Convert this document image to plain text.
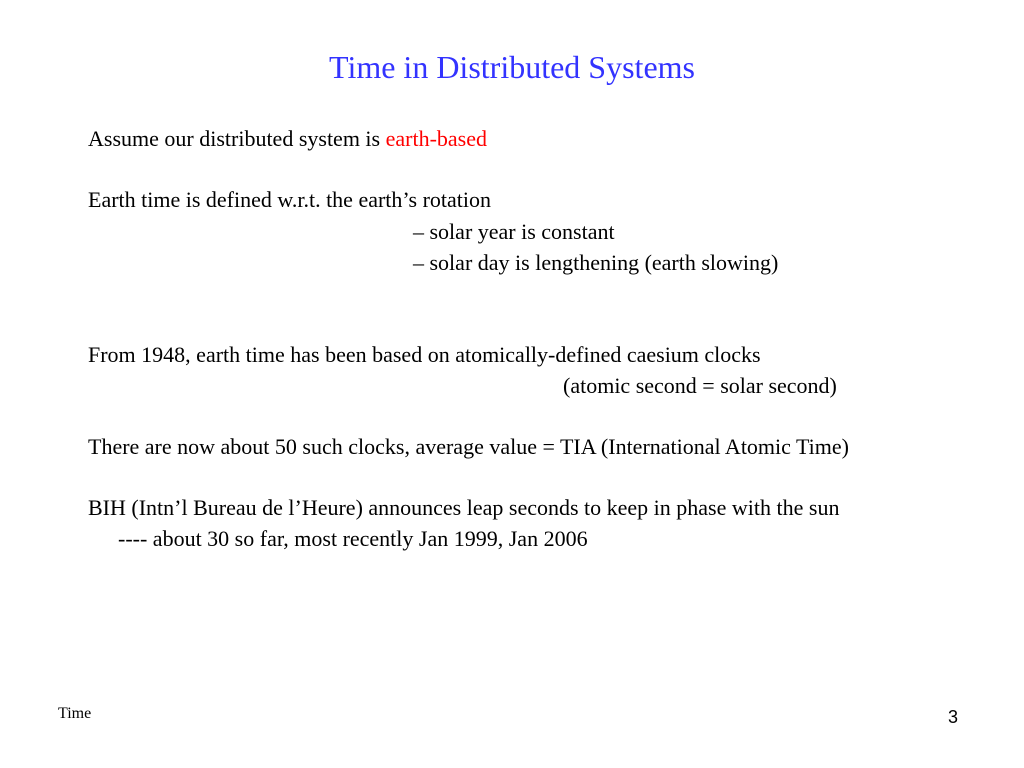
Time in Distributed Systems
Assume our distributed system is earth-based
Earth time is defined w.r.t. the earth’s rotation
– solar year is constant
– solar day is lengthening (earth slowing)
From 1948, earth time has been based on atomically-defined caesium clocks
(atomic second = solar second)
There are now about 50 such clocks, average value = TIA (International Atomic Time)
BIH (Intn’l Bureau de l’Heure) announces leap seconds to keep in phase with the sun
---- about 30 so far, most recently Jan 1999, Jan 2006
Time	3
